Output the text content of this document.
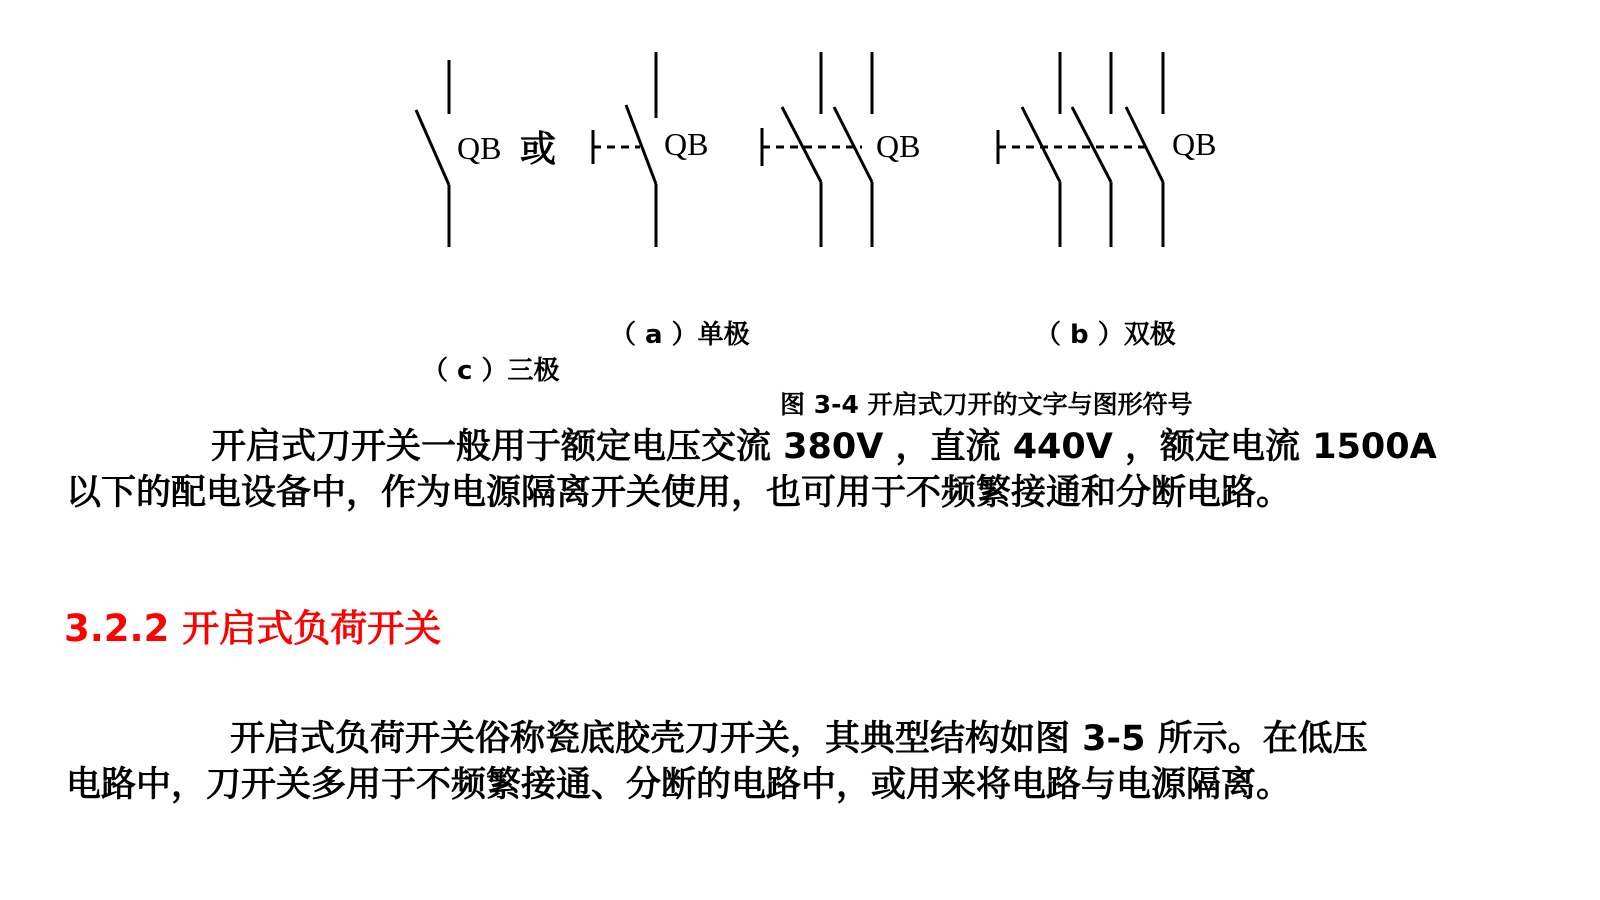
QB 或	QB	QB	QB
（ a ）单极	（ b ）双极
（ c ）三极
图 3-4 开启式刀开的文字与图形符号
开启式刀开关一般用于额定电压交流 380V ，直流 440V ，额定电流 1500A
以下的配电设备中，作为电源隔离开关使用，也可用于不频繁接通和分断电路。
3.2.2 开启式负荷开关
开启式负荷开关俗称瓷底胶壳刀开关，其典型结构如图 3-5 所示。在低压
电路中，刀开关多用于不频繁接通、分断的电路中，或用来将电路与电源隔离。
